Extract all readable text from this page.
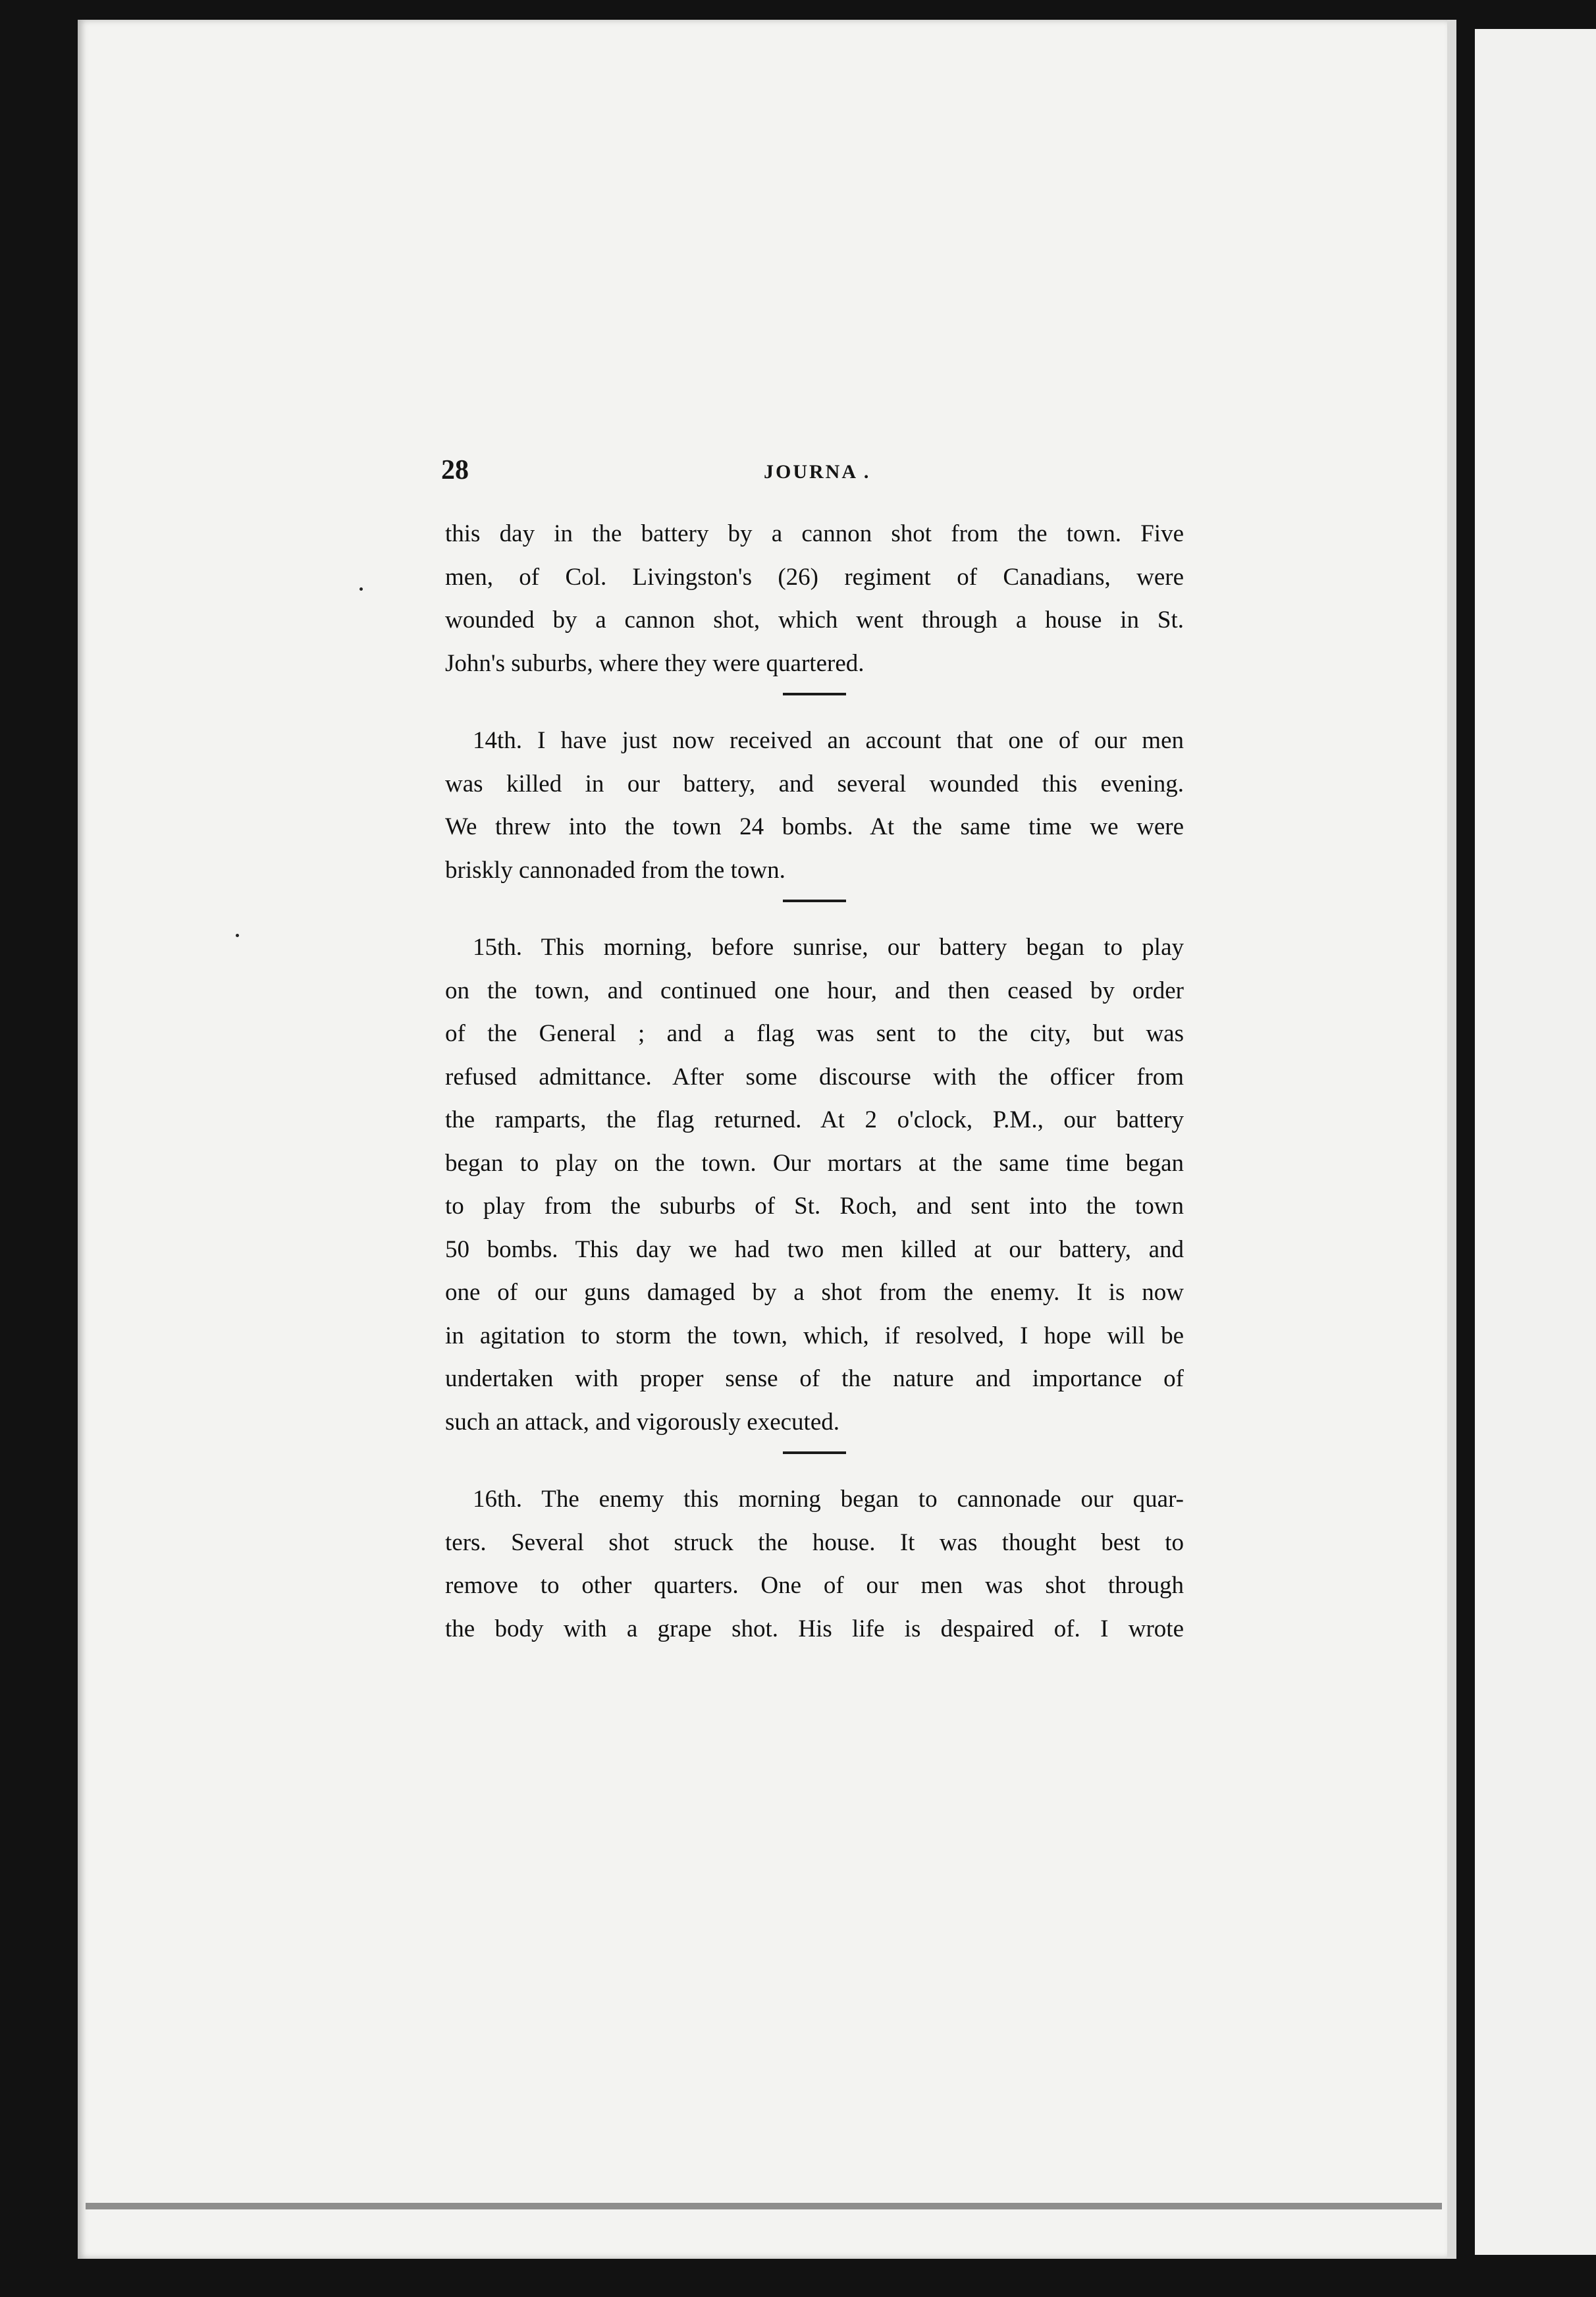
28	JOURNA .

this day in the battery by a cannon shot from the town. Five

men, of Col. Livingston's (26) regiment of Canadians, were

wounded by a cannon shot, which went through a house in St.

John's suburbs, where they were quartered.

14th. I have just now received an account that one of our men

was killed in our battery, and several wounded this evening.

We threw into the town 24 bombs. At the same time we were

briskly cannonaded from the town.

15th. This morning, before sunrise, our battery began to play

on the town, and continued one hour, and then ceased by order

of the General ; and a flag was sent to the city, but was

refused admittance. After some discourse with the officer from

the ramparts, the flag returned. At 2 o'clock, P.M., our battery

began to play on the town. Our mortars at the same time began

to play from the suburbs of St. Roch, and sent into the town

50 bombs. This day we had two men killed at our battery, and

one of our guns damaged by a shot from the enemy. It is now

in agitation to storm the town, which, if resolved, I hope will be

undertaken with proper sense of the nature and importance of

such an attack, and vigorously executed.

16th. The enemy this morning began to cannonade our quar-

ters. Several shot struck the house. It was thought best to

remove to other quarters. One of our men was shot through

the body with a grape shot. His life is despaired of. I wrote
